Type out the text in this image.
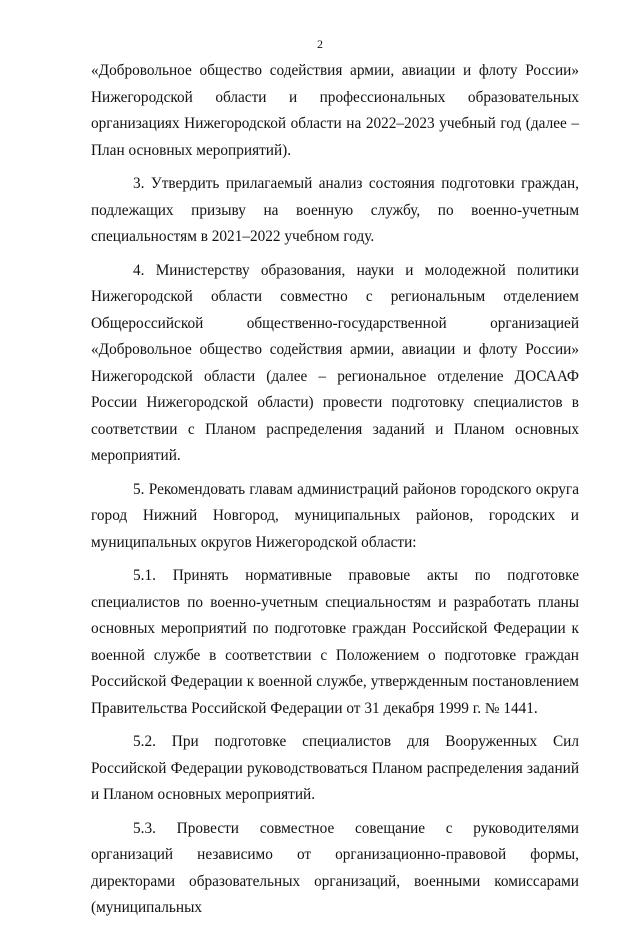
2

«Добровольное общество содействия армии, авиации и флоту России» Нижегородской области и профессиональных образовательных организациях Нижегородской области на 2022–2023 учебный год (далее – План основных мероприятий).

3. Утвердить прилагаемый анализ состояния подготовки граждан, подлежащих призыву на военную службу, по военно-учетным специальностям в 2021–2022 учебном году.

4. Министерству образования, науки и молодежной политики Нижегородской области совместно с региональным отделением Общероссийской общественно-государственной организацией «Добровольное общество содействия армии, авиации и флоту России» Нижегородской области (далее – региональное отделение ДОСААФ России Нижегородской области) провести подготовку специалистов в соответствии с Планом распределения заданий и Планом основных мероприятий.

5. Рекомендовать главам администраций районов городского округа город Нижний Новгород, муниципальных районов, городских и муниципальных округов Нижегородской области:

5.1. Принять нормативные правовые акты по подготовке специалистов по военно-учетным специальностям и разработать планы основных мероприятий по подготовке граждан Российской Федерации к военной службе в соответствии с Положением о подготовке граждан Российской Федерации к военной службе, утвержденным постановлением Правительства Российской Федерации от 31 декабря 1999 г. № 1441.

5.2. При подготовке специалистов для Вооруженных Сил Российской Федерации руководствоваться Планом распределения заданий и Планом основных мероприятий.

5.3. Провести совместное совещание с руководителями организаций независимо от организационно-правовой формы, директорами образовательных организаций, военными комиссарами (муниципальных
